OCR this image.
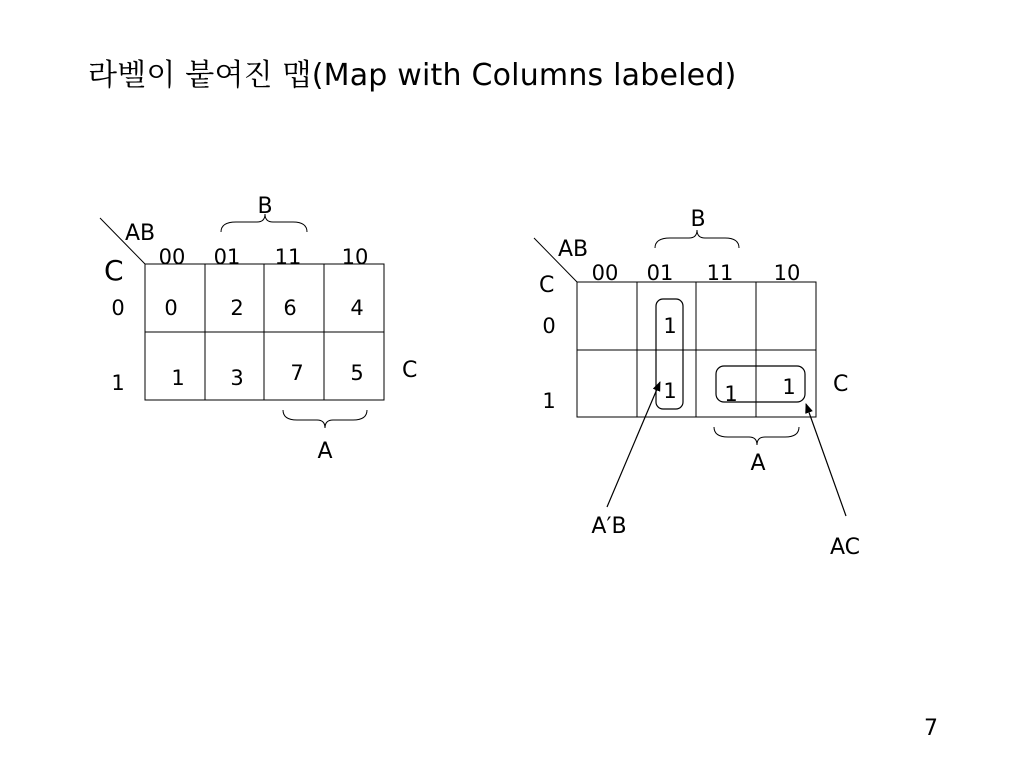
라벨이 붙여진 맵(Map with Columns labeled)
AB
C 00 01 11 10
0
1
0	2 6	4
1 3 7 5
B
A
C
AB
C 00 01 11 10
0
1
1
1 1 1
B
A
C
A′B
AC
7
